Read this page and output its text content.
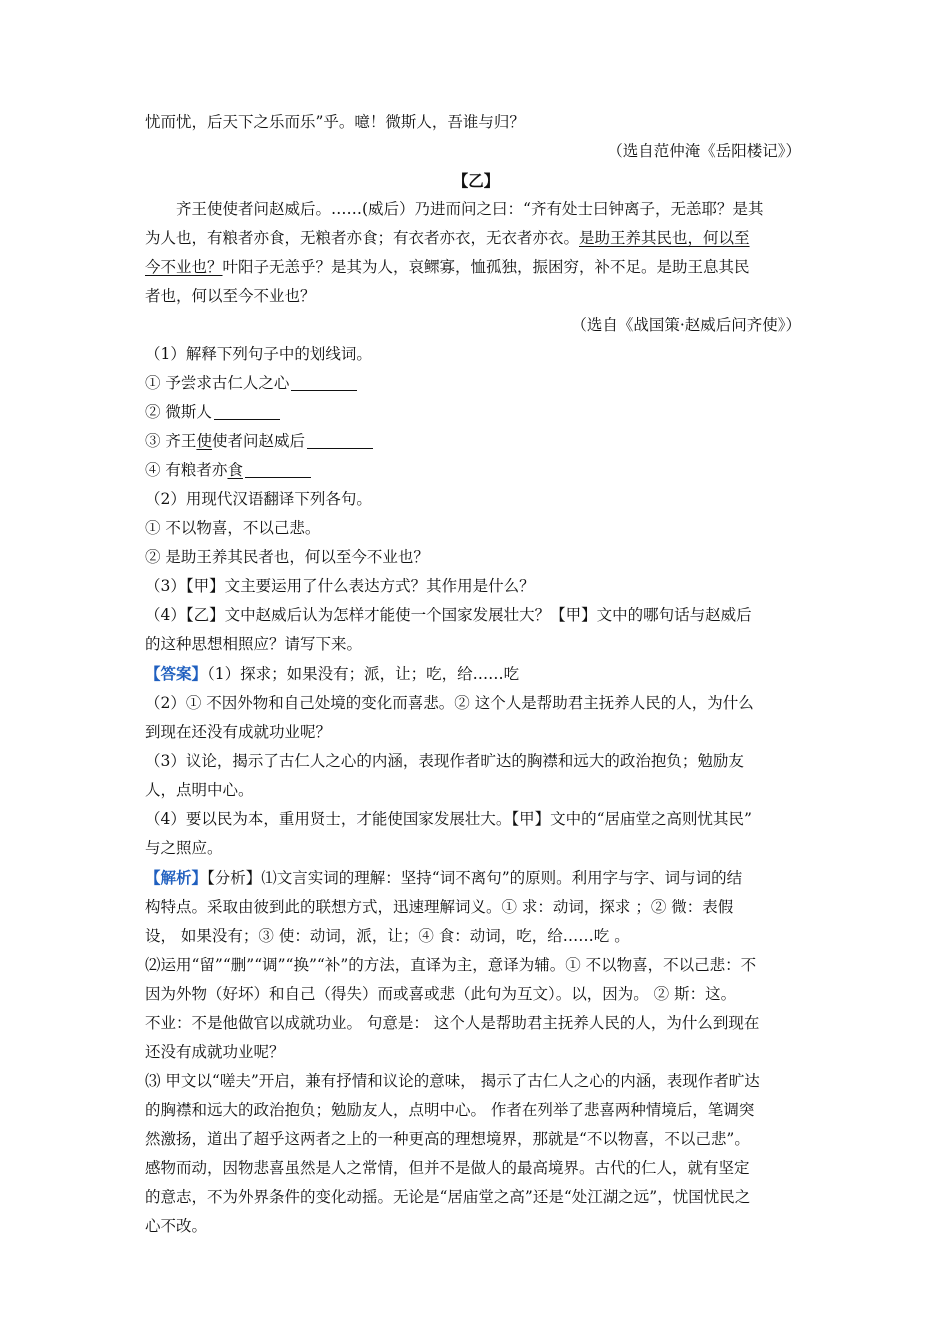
忧而忧，后天下之乐而乐”乎。噫！微斯人，吾谁与归？

（选自范仲淹《岳阳楼记》）

【乙】

齐王使使者问赵威后。……(威后）乃进而问之曰：“齐有处士曰钟离子，无恙耶？是其

为人也，有粮者亦食，无粮者亦食；有衣者亦衣，无衣者亦衣。是助王养其民也，何以至

今不业也？叶阳子无恙乎？是其为人，哀鳏寡，恤孤独，振困穷，补不足。是助王息其民

者也，何以至今不业也？

（选自《战国策·赵威后问齐使》）

（1）解释下列句子中的划线词。

① 予尝求古仁人之心

② 微斯人

③ 齐王使使者问赵威后

④ 有粮者亦食

（2）用现代汉语翻译下列各句。

① 不以物喜，不以己悲。

② 是助王养其民者也，何以至今不业也？

（3）【甲】文主要运用了什么表达方式？其作用是什么？

（4）【乙】文中赵威后认为怎样才能使一个国家发展壮大？【甲】文中的哪句话与赵威后

的这种思想相照应？请写下来。

【答案】（1）探求；如果没有；派，让；吃，给……吃

（2）① 不因外物和自己处境的变化而喜悲。② 这个人是帮助君主抚养人民的人，为什么

到现在还没有成就功业呢？

（3）议论，揭示了古仁人之心的内涵，表现作者旷达的胸襟和远大的政治抱负；勉励友

人，点明中心。

（4）要以民为本，重用贤士，才能使国家发展壮大。【甲】文中的“居庙堂之高则忧其民”

与之照应。

【解析】【分析】⑴文言实词的理解：坚持“词不离句”的原则。利用字与字、词与词的结

构特点。采取由彼到此的联想方式，迅速理解词义。① 求：动词，探求 ；② 微：表假

设， 如果没有；③ 使：动词，派，让；④ 食：动词，吃，给……吃 。

⑵运用“留”“删”“调”“换”“补”的方法，直译为主，意译为辅。① 不以物喜，不以己悲：不

因为外物（好坏）和自己（得失）而或喜或悲（此句为互文）。以，因为。 ② 斯：这。

不业：不是他做官以成就功业。 句意是： 这个人是帮助君主抚养人民的人，为什么到现在

还没有成就功业呢？

⑶ 甲文以“嗟夫”开启，兼有抒情和议论的意味， 揭示了古仁人之心的内涵，表现作者旷达

的胸襟和远大的政治抱负；勉励友人，点明中心。 作者在列举了悲喜两种情境后，笔调突

然激扬，道出了超乎这两者之上的一种更高的理想境界，那就是“不以物喜，不以己悲”。

感物而动，因物悲喜虽然是人之常情，但并不是做人的最高境界。古代的仁人，就有坚定

的意志，不为外界条件的变化动摇。无论是“居庙堂之高”还是“处江湖之远”，忧国忧民之

心不改。
